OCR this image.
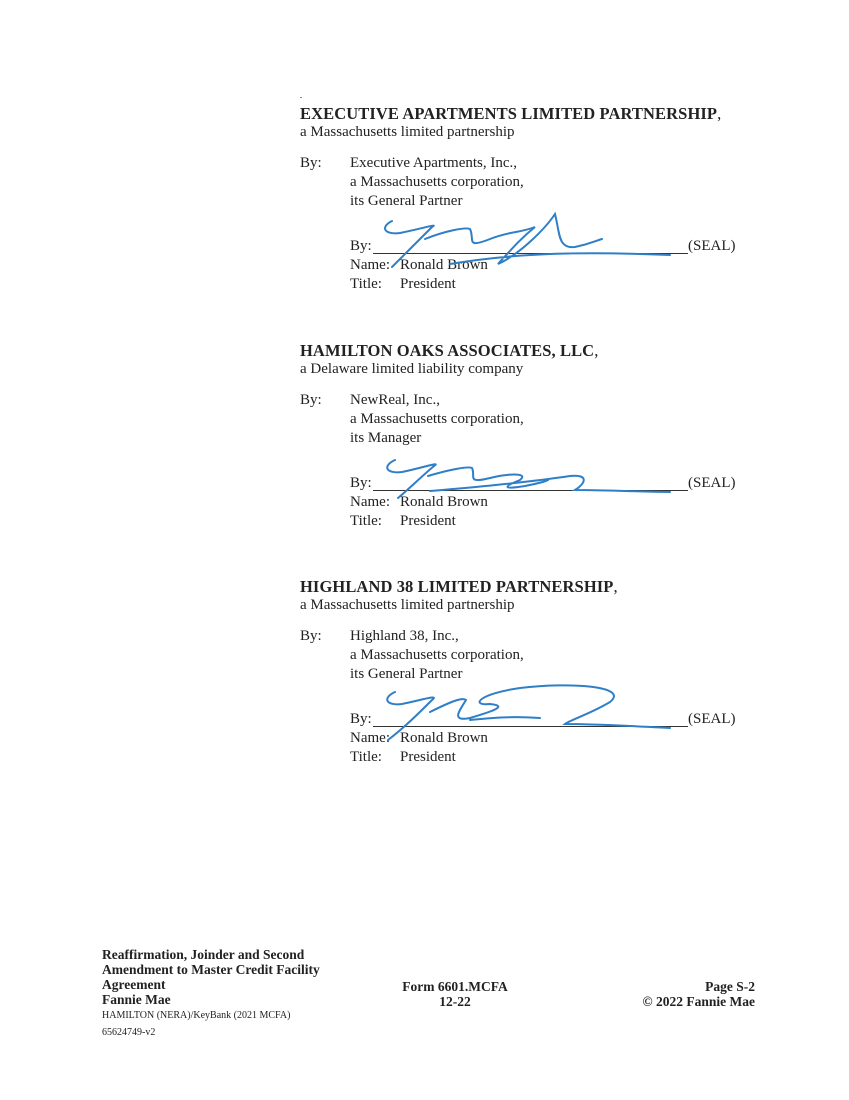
EXECUTIVE APARTMENTS LIMITED PARTNERSHIP,
a Massachusetts limited partnership
By: Executive Apartments, Inc.,
a Massachusetts corporation,
its General Partner
By:	(SEAL)
Name: Ronald Brown
Title: President
HAMILTON OAKS ASSOCIATES, LLC,
a Delaware limited liability company
By: NewReal, Inc.,
a Massachusetts corporation,
its Manager
By:	(SEAL)
Name: Ronald Brown
Title: President
HIGHLAND 38 LIMITED PARTNERSHIP,
a Massachusetts limited partnership
By: Highland 38, Inc.,
a Massachusetts corporation,
its General Partner
By:	(SEAL)
Name: Ronald Brown
Title: President
Reaffirmation, Joinder and Second
Amendment to Master Credit Facility
Agreement
Fannie Mae
HAMILTON (NERA)/KeyBank (2021 MCFA)
65624749-v2
Form 6601.MCFA
12-22
Page S-2
© 2022 Fannie Mae
